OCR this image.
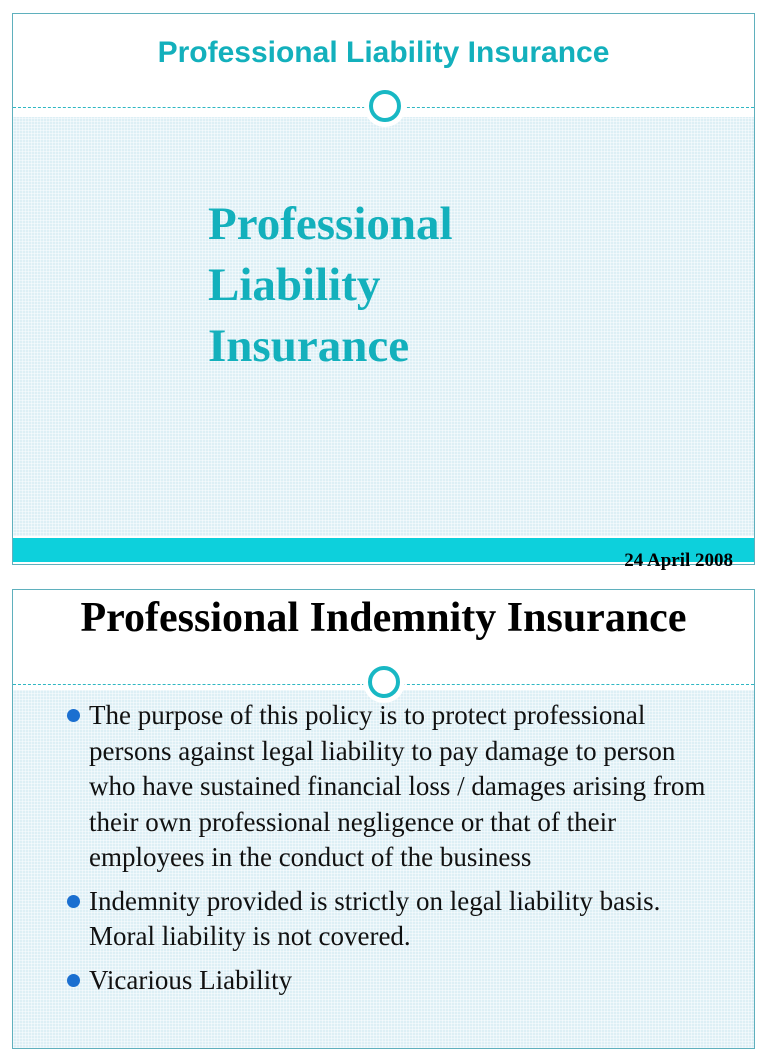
Professional Liability Insurance
Professional
Liability
Insurance
24 April 2008
Professional Indemnity Insurance
The purpose of this policy is to protect professional persons against legal liability to pay damage to person who have sustained financial loss / damages arising from their own professional negligence or that of their employees in the conduct of the business
Indemnity provided is strictly on legal liability basis. Moral liability is not covered.
Vicarious Liability
